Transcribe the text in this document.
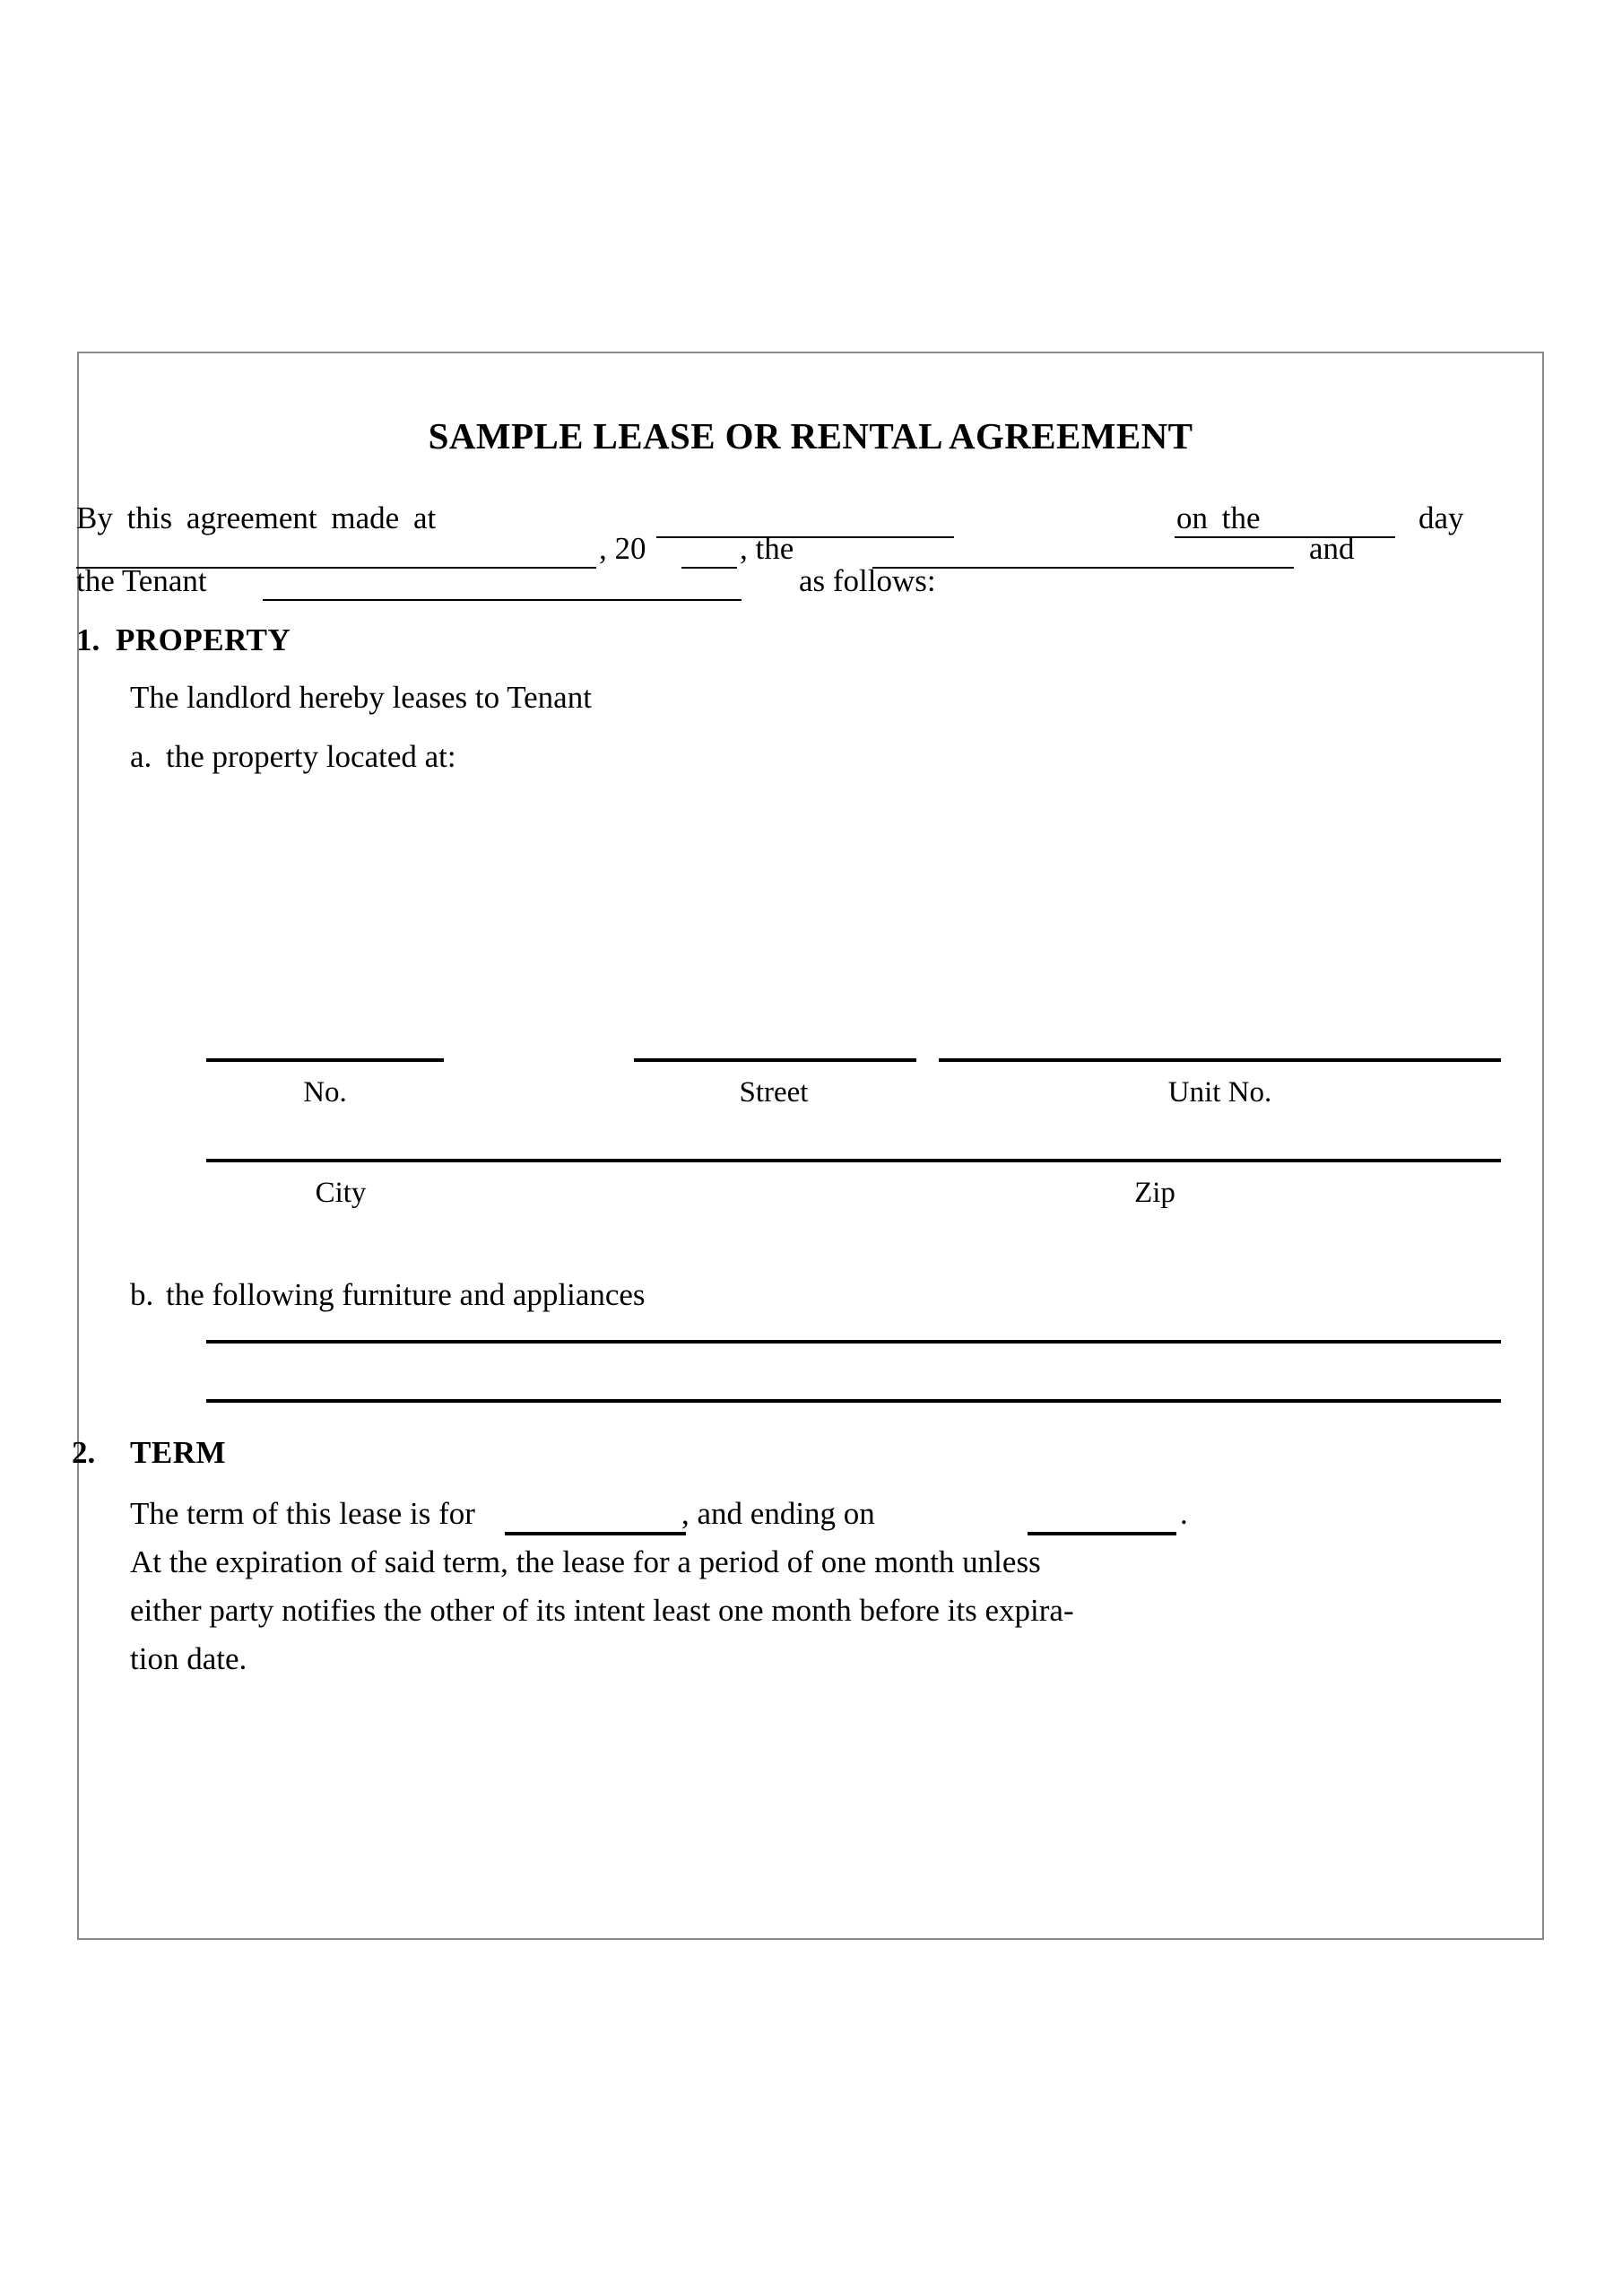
SAMPLE LEASE OR RENTAL AGREEMENT
By this agreement made at	on the	day
, 20	, the	and
the Tenant	as follows:
1. PROPERTY
The landlord hereby leases to Tenant
a. the property located at:
No.	Street	Unit No.
City	Zip
b. the following furniture and appliances
2. TERM
The term of this lease is for	, and ending on	.
At the expiration of said term, the lease for a period of one month unless
either party notifies the other of its intent least one month before its expira-
tion date.
